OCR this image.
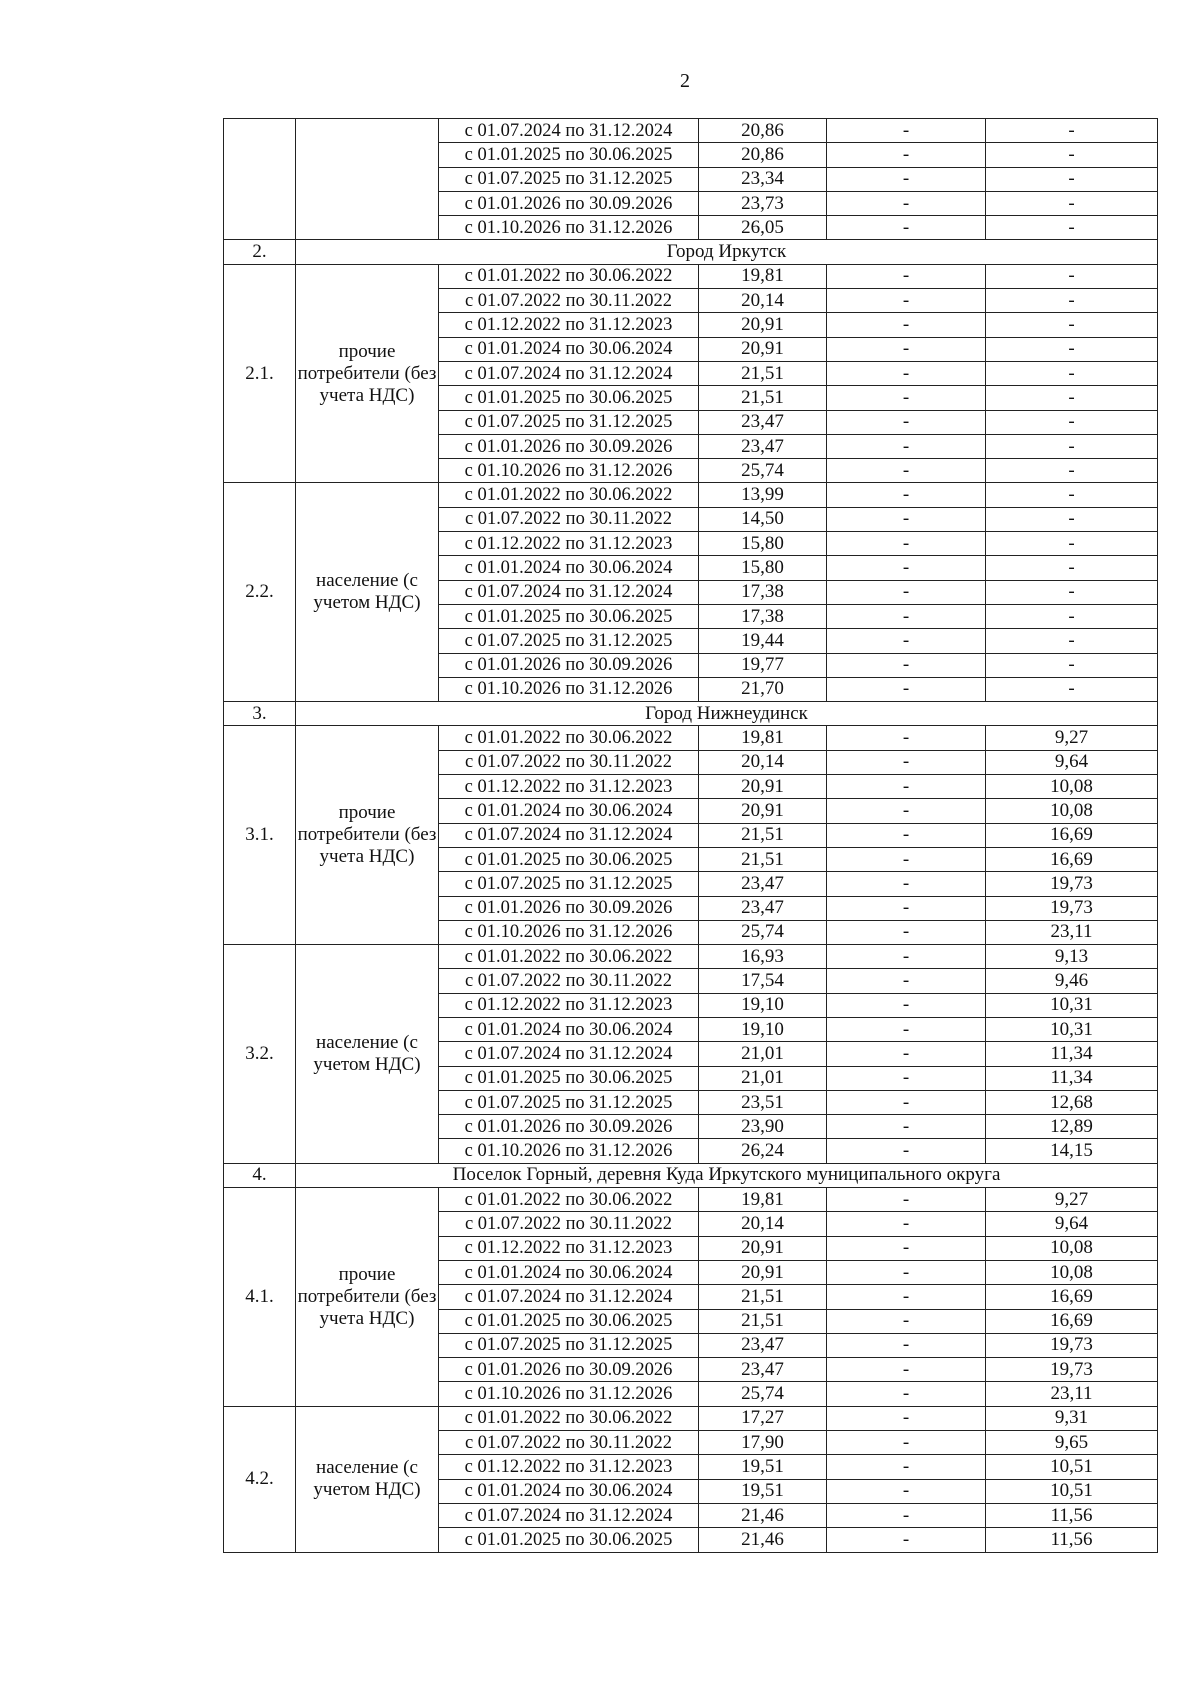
2
		с 01.07.2024 по 31.12.2024	20,86	-	-
		с 01.01.2025 по 30.06.2025	20,86	-	-
		с 01.07.2025 по 31.12.2025	23,34	-	-
		с 01.01.2026 по 30.09.2026	23,73	-	-
		с 01.10.2026 по 31.12.2026	26,05	-	-
2.	Город Иркутск				
2.1.	прочие потребители (без учета НДС)	с 01.01.2022 по 30.06.2022	19,81	-	-
		с 01.07.2022 по 30.11.2022	20,14	-	-
		с 01.12.2022 по 31.12.2023	20,91	-	-
		с 01.01.2024 по 30.06.2024	20,91	-	-
		с 01.07.2024 по 31.12.2024	21,51	-	-
		с 01.01.2025 по 30.06.2025	21,51	-	-
		с 01.07.2025 по 31.12.2025	23,47	-	-
		с 01.01.2026 по 30.09.2026	23,47	-	-
		с 01.10.2026 по 31.12.2026	25,74	-	-
2.2.	население (с учетом НДС)	с 01.01.2022 по 30.06.2022	13,99	-	-
		с 01.07.2022 по 30.11.2022	14,50	-	-
		с 01.12.2022 по 31.12.2023	15,80	-	-
		с 01.01.2024 по 30.06.2024	15,80	-	-
		с 01.07.2024 по 31.12.2024	17,38	-	-
		с 01.01.2025 по 30.06.2025	17,38	-	-
		с 01.07.2025 по 31.12.2025	19,44	-	-
		с 01.01.2026 по 30.09.2026	19,77	-	-
		с 01.10.2026 по 31.12.2026	21,70	-	-
3.	Город Нижнеудинск				
3.1.	прочие потребители (без учета НДС)	с 01.01.2022 по 30.06.2022	19,81	-	9,27
		с 01.07.2022 по 30.11.2022	20,14	-	9,64
		с 01.12.2022 по 31.12.2023	20,91	-	10,08
		с 01.01.2024 по 30.06.2024	20,91	-	10,08
		с 01.07.2024 по 31.12.2024	21,51	-	16,69
		с 01.01.2025 по 30.06.2025	21,51	-	16,69
		с 01.07.2025 по 31.12.2025	23,47	-	19,73
		с 01.01.2026 по 30.09.2026	23,47	-	19,73
		с 01.10.2026 по 31.12.2026	25,74	-	23,11
3.2.	население (с учетом НДС)	с 01.01.2022 по 30.06.2022	16,93	-	9,13
		с 01.07.2022 по 30.11.2022	17,54	-	9,46
		с 01.12.2022 по 31.12.2023	19,10	-	10,31
		с 01.01.2024 по 30.06.2024	19,10	-	10,31
		с 01.07.2024 по 31.12.2024	21,01	-	11,34
		с 01.01.2025 по 30.06.2025	21,01	-	11,34
		с 01.07.2025 по 31.12.2025	23,51	-	12,68
		с 01.01.2026 по 30.09.2026	23,90	-	12,89
		с 01.10.2026 по 31.12.2026	26,24	-	14,15
4.	Поселок Горный, деревня Куда Иркутского муниципального округа				
4.1.	прочие потребители (без учета НДС)	с 01.01.2022 по 30.06.2022	19,81	-	9,27
		с 01.07.2022 по 30.11.2022	20,14	-	9,64
		с 01.12.2022 по 31.12.2023	20,91	-	10,08
		с 01.01.2024 по 30.06.2024	20,91	-	10,08
		с 01.07.2024 по 31.12.2024	21,51	-	16,69
		с 01.01.2025 по 30.06.2025	21,51	-	16,69
		с 01.07.2025 по 31.12.2025	23,47	-	19,73
		с 01.01.2026 по 30.09.2026	23,47	-	19,73
		с 01.10.2026 по 31.12.2026	25,74	-	23,11
4.2.	население (с учетом НДС)	с 01.01.2022 по 30.06.2022	17,27	-	9,31
		с 01.07.2022 по 30.11.2022	17,90	-	9,65
		с 01.12.2022 по 31.12.2023	19,51	-	10,51
		с 01.01.2024 по 30.06.2024	19,51	-	10,51
		с 01.07.2024 по 31.12.2024	21,46	-	11,56
		с 01.01.2025 по 30.06.2025	21,46	-	11,56
